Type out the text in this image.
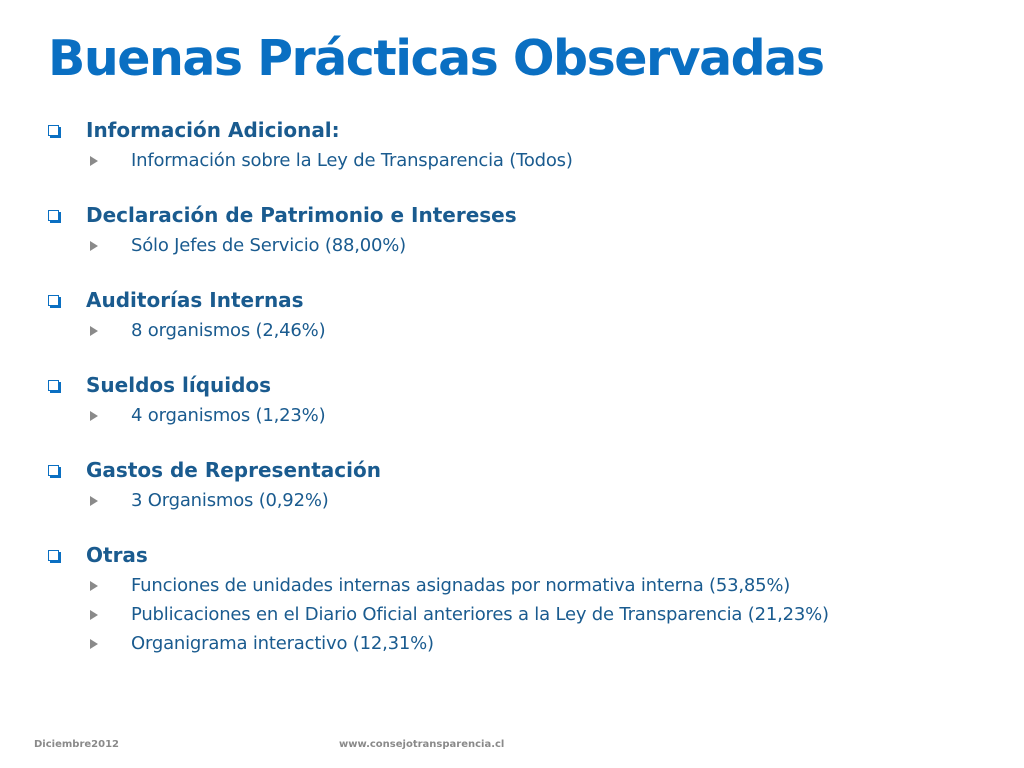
Buenas Prácticas Observadas
Información Adicional:
Información sobre la Ley de Transparencia (Todos)
Declaración de Patrimonio e Intereses
Sólo Jefes de Servicio (88,00%)
Auditorías Internas
8 organismos (2,46%)
Sueldos líquidos
4 organismos (1,23%)
Gastos de Representación
3 Organismos (0,92%)
Otras
Funciones de unidades internas asignadas por normativa interna (53,85%)
Publicaciones en el Diario Oficial anteriores a la Ley de Transparencia (21,23%)
Organigrama interactivo (12,31%)
Diciembre2012	www.consejotransparencia.cl
